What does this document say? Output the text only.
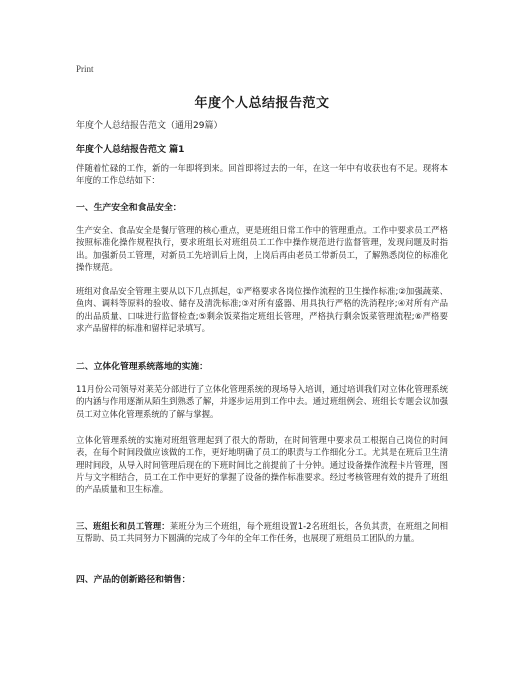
Print
年度个人总结报告范文
年度个人总结报告范文（通用29篇）
年度个人总结报告范文 篇1

伴随着忙碌的工作，新的一年即将到来。回首即将过去的一年，在这一年中有收获也有不足。现将本年度的工作总结如下：

一、生产安全和食品安全：

生产安全、食品安全是餐厅管理的核心重点，更是班组日常工作中的管理重点。工作中要求员工严格按照标准化操作规程执行，要求班组长对班组员工工作中操作规范进行监督管理，发现问题及时指出。加强新员工管理，对新员工先培训后上岗，上岗后再由老员工带新员工，了解熟悉岗位的标准化操作规范。

班组对食品安全管理主要从以下几点抓起，①严格要求各岗位操作流程的卫生操作标准;②加强蔬菜、鱼肉、调料等原料的验收、储存及清洗标准;③对所有盛器、用具执行严格的洗消程序;④对所有产品的出品质量、口味进行监督检查;⑤剩余饭菜指定班组长管理，严格执行剩余饭菜管理流程;⑥严格要求产品留样的标准和留样记录填写。

二、立体化管理系统落地的实施：

11月份公司领导对莱芜分部进行了立体化管理系统的现场导入培训，通过培训我们对立体化管理系统的内涵与作用逐渐从陌生到熟悉了解，并逐步运用到工作中去。通过班组例会、班组长专题会议加强员工对立体化管理系统的了解与掌握。

立体化管理系统的实施对班组管理起到了很大的帮助，在时间管理中要求员工根据自己岗位的时间表，在每个时间段做应该做的工作，更好地明确了员工的职责与工作细化分工。尤其是在班后卫生清理时间段，从导入时间管理后现在的下班时间比之前提前了十分钟。通过设备操作流程卡片管理，图片与文字相结合，员工在工作中更好的掌握了设备的操作标准要求。经过考核管理有效的提升了班组的产品质量和卫生标准。

三、班组长和员工管理：莱班分为三个班组，每个班组设置1-2名班组长，各负其责，在班组之间相互帮助、员工共同努力下圆满的完成了今年的全年工作任务，也展现了班组员工团队的力量。

四、产品的创新路径和销售：
